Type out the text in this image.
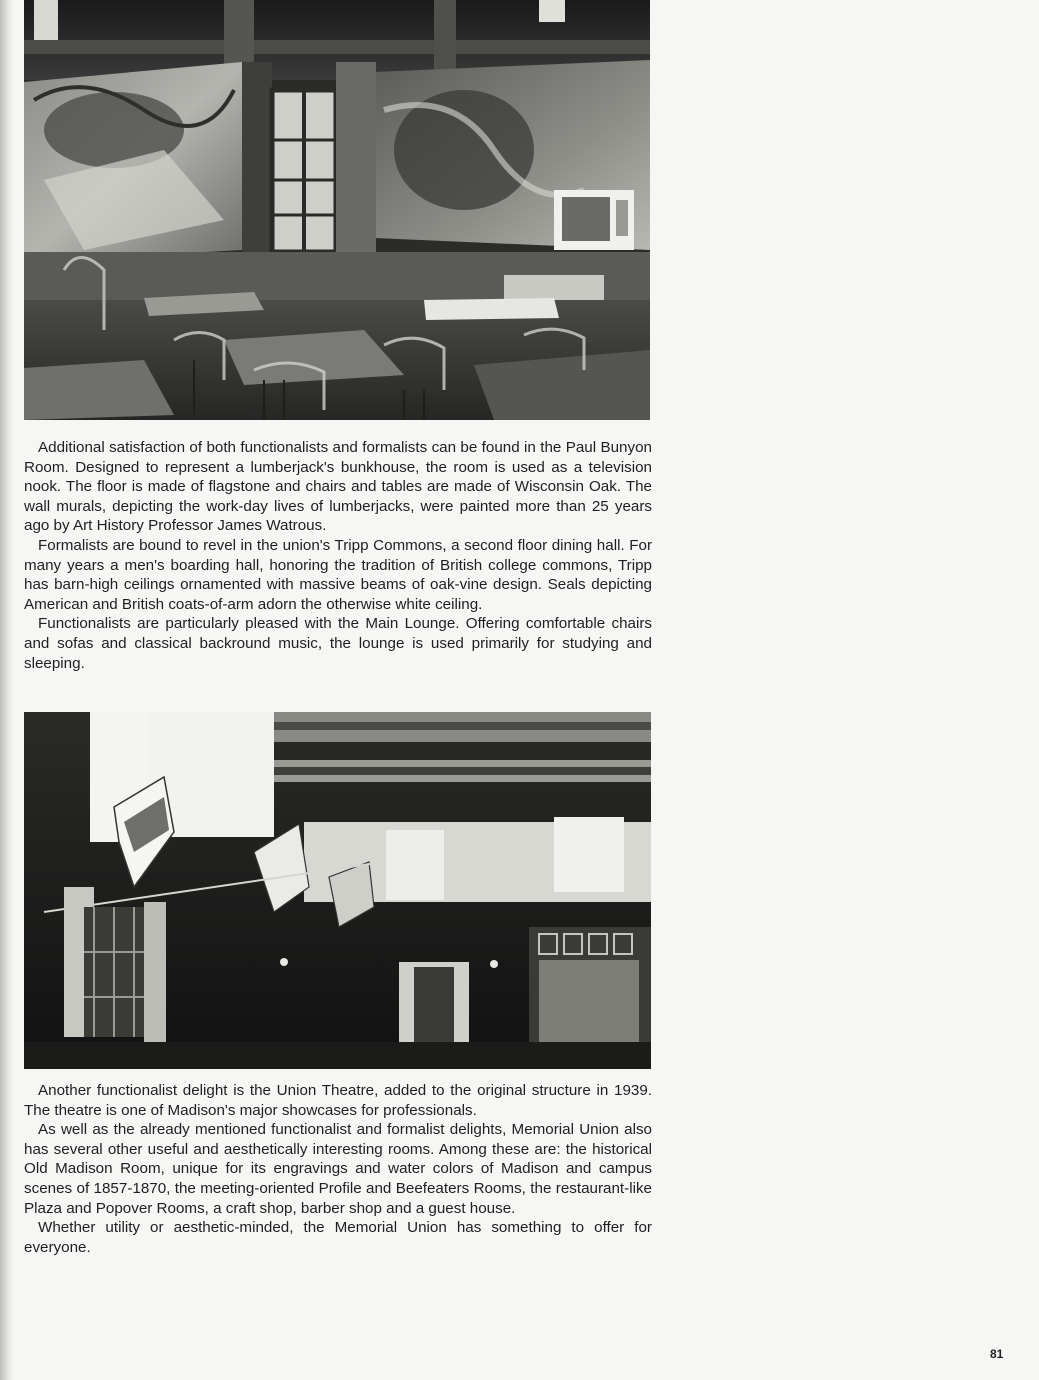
Additional satisfaction of both functionalists and formalists can be found in the Paul Bunyon Room. Designed to represent a lumberjack's bunkhouse, the room is used as a television nook. The floor is made of flagstone and chairs and tables are made of Wisconsin Oak. The wall murals, depicting the work-day lives of lumberjacks, were painted more than 25 years ago by Art History Professor James Watrous.

Formalists are bound to revel in the union's Tripp Commons, a second floor dining hall. For many years a men's boarding hall, honoring the tradition of British college commons, Tripp has barn-high ceilings ornamented with massive beams of oak-vine design. Seals depicting American and British coats-of-arm adorn the otherwise white ceiling.

Functionalists are particularly pleased with the Main Lounge. Offering comfortable chairs and sofas and classical backround music, the lounge is used primarily for studying and sleeping.

Another functionalist delight is the Union Theatre, added to the original structure in 1939. The theatre is one of Madison's major showcases for professionals.

As well as the already mentioned functionalist and formalist delights, Memorial Union also has several other useful and aesthetically interesting rooms. Among these are: the historical Old Madison Room, unique for its engravings and water colors of Madison and campus scenes of 1857-1870, the meeting-oriented Profile and Beefeaters Rooms, the restaurant-like Plaza and Popover Rooms, a craft shop, barber shop and a guest house.

Whether utility or aesthetic-minded, the Memorial Union has something to offer for everyone.

81
